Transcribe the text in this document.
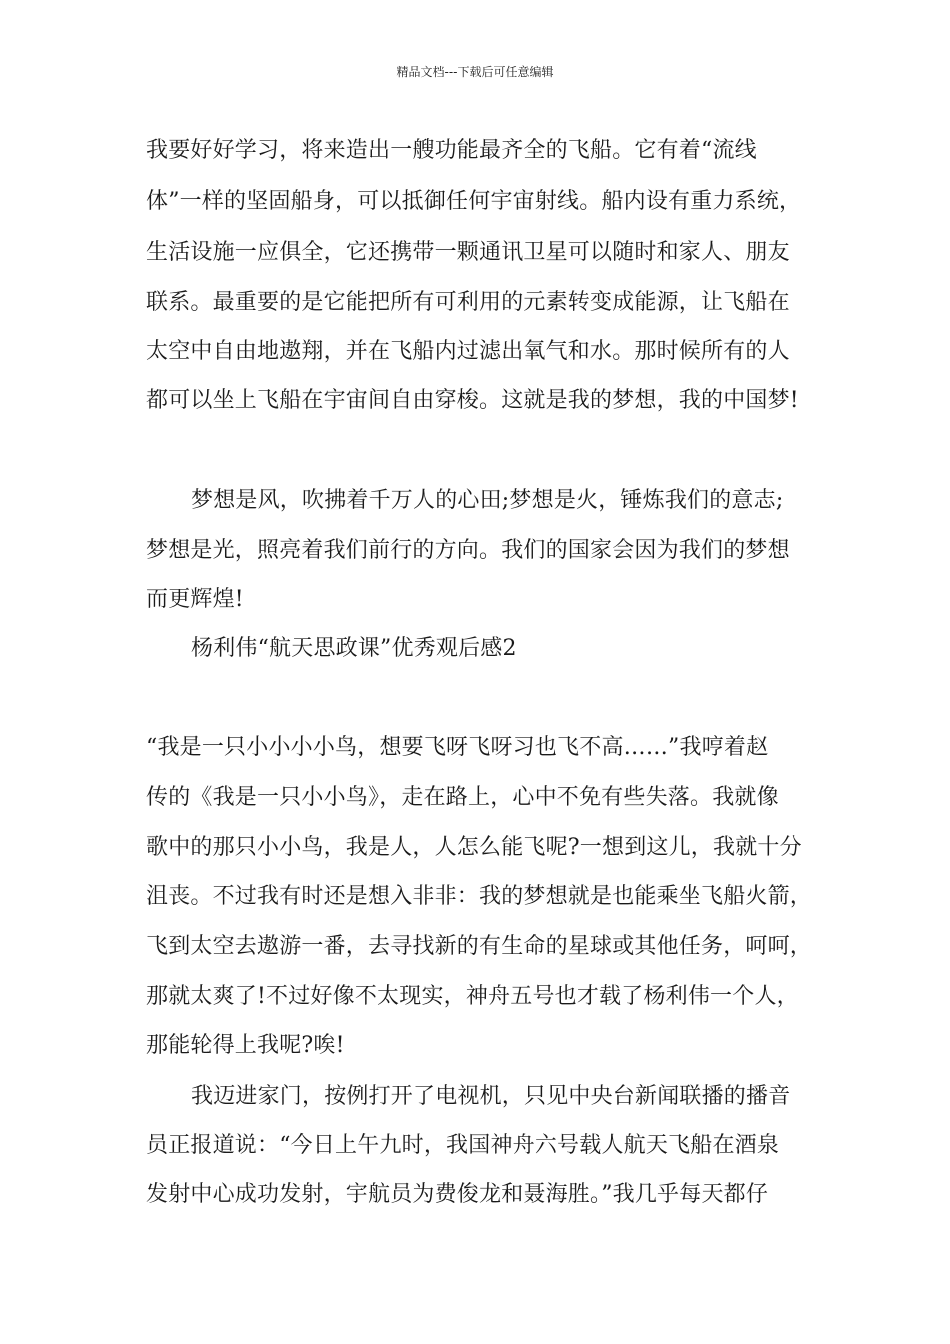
精品文档---下载后可任意编辑
我要好好学习，将来造出一艘功能最齐全的飞船。它有着“流线
体”一样的坚固船身，可以抵御任何宇宙射线。船内设有重力系统，
生活设施一应俱全，它还携带一颗通讯卫星可以随时和家人、朋友
联系。最重要的是它能把所有可利用的元素转变成能源，让飞船在
太空中自由地遨翔，并在飞船内过滤出氧气和水。那时候所有的人
都可以坐上飞船在宇宙间自由穿梭。这就是我的梦想，我的中国梦!
梦想是风，吹拂着千万人的心田;梦想是火，锤炼我们的意志;
梦想是光，照亮着我们前行的方向。我们的国家会因为我们的梦想
而更辉煌!
杨利伟“航天思政课”优秀观后感2
“我是一只小小小小鸟，想要飞呀飞呀习也飞不高……”我哼着赵
传的《我是一只小小鸟》，走在路上，心中不免有些失落。我就像
歌中的那只小小鸟，我是人，人怎么能飞呢?一想到这儿，我就十分
沮丧。不过我有时还是想入非非：我的梦想就是也能乘坐飞船火箭，
飞到太空去遨游一番，去寻找新的有生命的星球或其他任务，呵呵，
那就太爽了!不过好像不太现实，神舟五号也才载了杨利伟一个人，
那能轮得上我呢?唉!
我迈进家门，按例打开了电视机，只见中央台新闻联播的播音
员正报道说：“今日上午九时，我国神舟六号载人航天飞船在酒泉
发射中心成功发射，宇航员为费俊龙和聂海胜。”我几乎每天都仔
